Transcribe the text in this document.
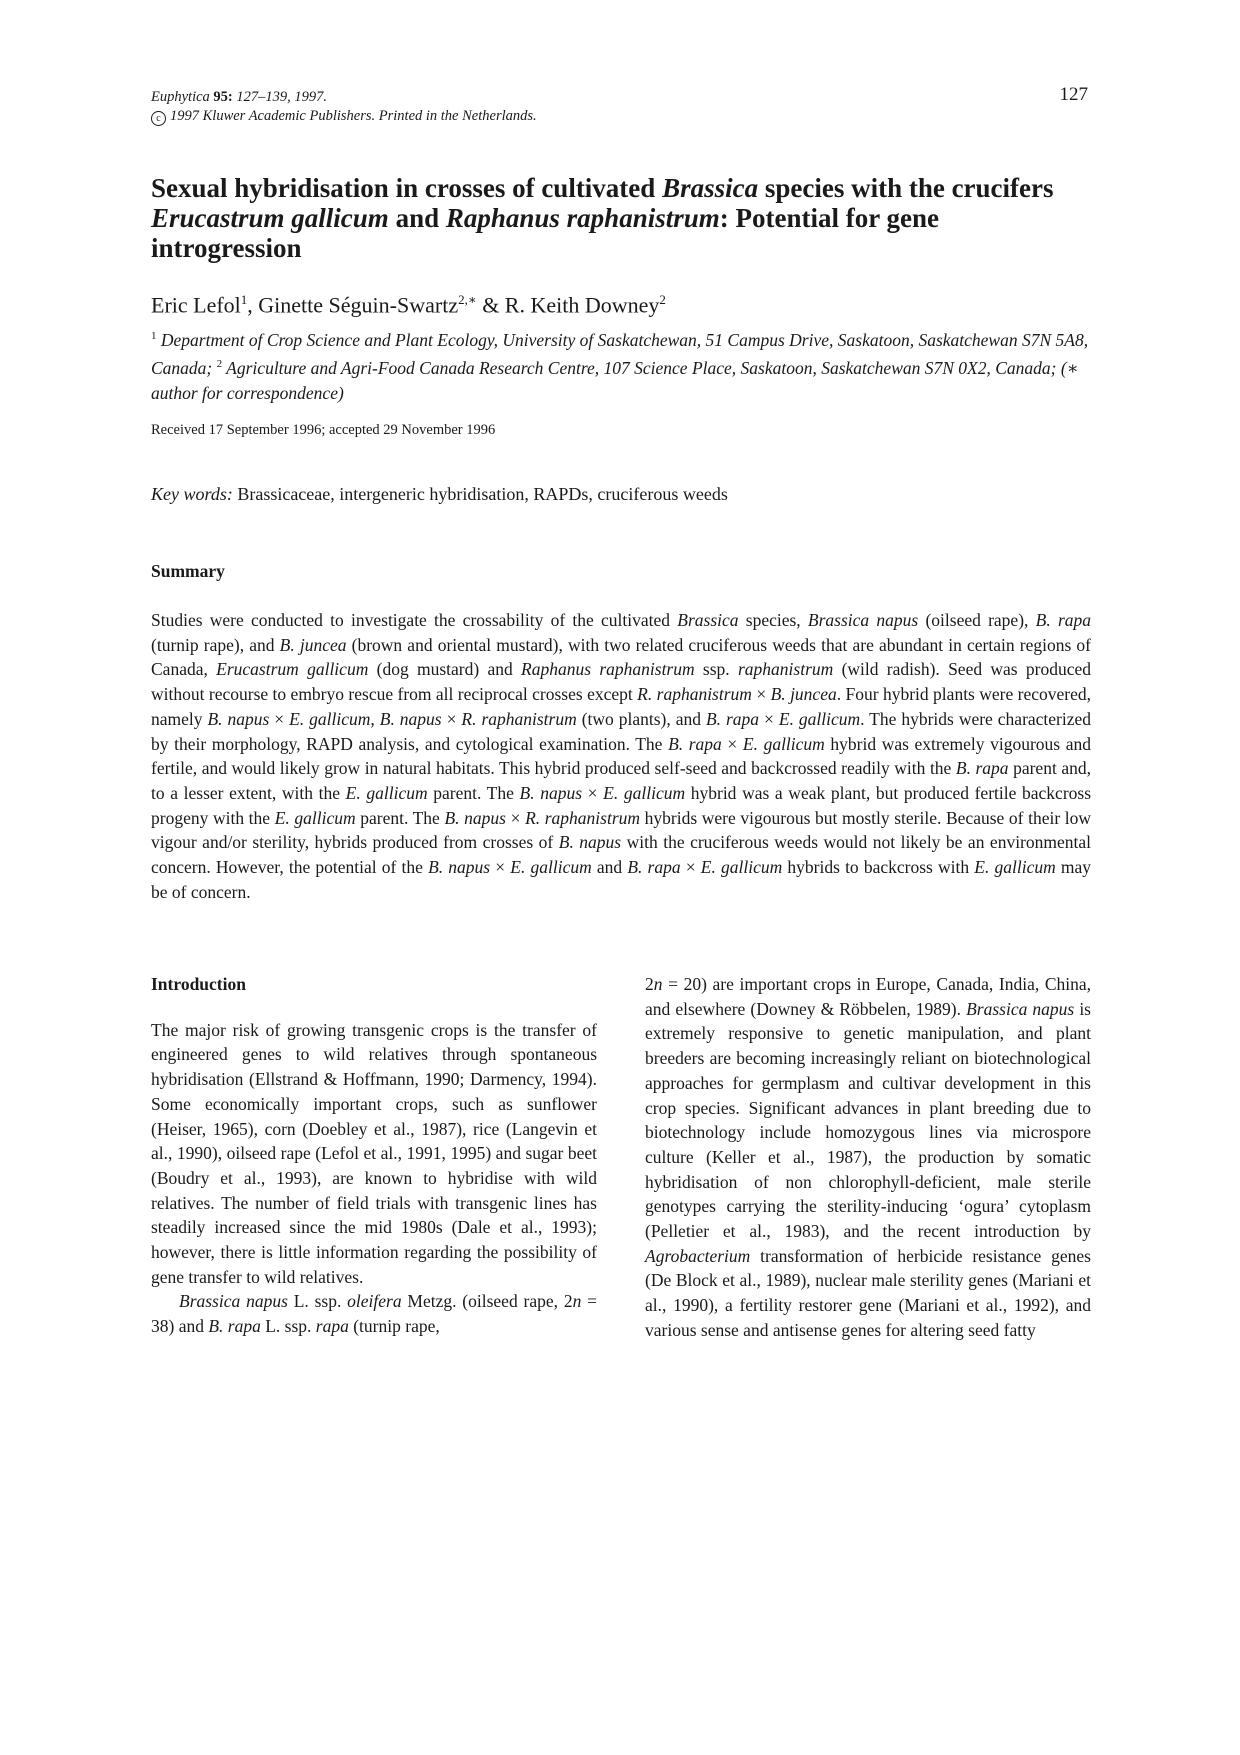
Euphytica 95: 127–139, 1997.
c 1997 Kluwer Academic Publishers. Printed in the Netherlands.
127
Sexual hybridisation in crosses of cultivated Brassica species with the crucifers Erucastrum gallicum and Raphanus raphanistrum: Potential for gene introgression
Eric Lefol$^1$, Ginette Séguin-Swartz$^{2,∗}$ & R. Keith Downey$^2$
$^1$ Department of Crop Science and Plant Ecology, University of Saskatchewan, 51 Campus Drive, Saskatoon, Saskatchewan S7N 5A8, Canada; $^2$ Agriculture and Agri-Food Canada Research Centre, 107 Science Place, Saskatoon, Saskatchewan S7N 0X2, Canada; (∗ author for correspondence)
Received 17 September 1996; accepted 29 November 1996
Key words: Brassicaceae, intergeneric hybridisation, RAPDs, cruciferous weeds
Summary
Studies were conducted to investigate the crossability of the cultivated Brassica species, Brassica napus (oilseed rape), B. rapa (turnip rape), and B. juncea (brown and oriental mustard), with two related cruciferous weeds that are abundant in certain regions of Canada, Erucastrum gallicum (dog mustard) and Raphanus raphanistrum ssp. raphanistrum (wild radish). Seed was produced without recourse to embryo rescue from all reciprocal crosses except R. raphanistrum × B. juncea. Four hybrid plants were recovered, namely B. napus × E. gallicum, B. napus × R. raphanistrum (two plants), and B. rapa × E. gallicum. The hybrids were characterized by their morphology, RAPD analysis, and cytological examination. The B. rapa × E. gallicum hybrid was extremely vigourous and fertile, and would likely grow in natural habitats. This hybrid produced self-seed and backcrossed readily with the B. rapa parent and, to a lesser extent, with the E. gallicum parent. The B. napus × E. gallicum hybrid was a weak plant, but produced fertile backcross progeny with the E. gallicum parent. The B. napus × R. raphanistrum hybrids were vigourous but mostly sterile. Because of their low vigour and/or sterility, hybrids produced from crosses of B. napus with the cruciferous weeds would not likely be an environmental concern. However, the potential of the B. napus × E. gallicum and B. rapa × E. gallicum hybrids to backcross with E. gallicum may be of concern.
Introduction

The major risk of growing transgenic crops is the transfer of engineered genes to wild relatives through spontaneous hybridisation (Ellstrand & Hoffmann, 1990; Darmency, 1994). Some economically important crops, such as sunflower (Heiser, 1965), corn (Doebley et al., 1987), rice (Langevin et al., 1990), oilseed rape (Lefol et al., 1991, 1995) and sugar beet (Boudry et al., 1993), are known to hybridise with wild relatives. The number of field trials with transgenic lines has steadily increased since the mid 1980s (Dale et al., 1993); however, there is little information regarding the possibility of gene transfer to wild relatives.

Brassica napus L. ssp. oleifera Metzg. (oilseed rape, 2n = 38) and B. rapa L. ssp. rapa (turnip rape,

2n = 20) are important crops in Europe, Canada, India, China, and elsewhere (Downey & Röbbelen, 1989). Brassica napus is extremely responsive to genetic manipulation, and plant breeders are becoming increasingly reliant on biotechnological approaches for germplasm and cultivar development in this crop species. Significant advances in plant breeding due to biotechnology include homozygous lines via microspore culture (Keller et al., 1987), the production by somatic hybridisation of non chlorophyll-deficient, male sterile genotypes carrying the sterility-inducing ‘ogura’ cytoplasm (Pelletier et al., 1983), and the recent introduction by Agrobacterium transformation of herbicide resistance genes (De Block et al., 1989), nuclear male sterility genes (Mariani et al., 1990), a fertility restorer gene (Mariani et al., 1992), and various sense and antisense genes for altering seed fatty
